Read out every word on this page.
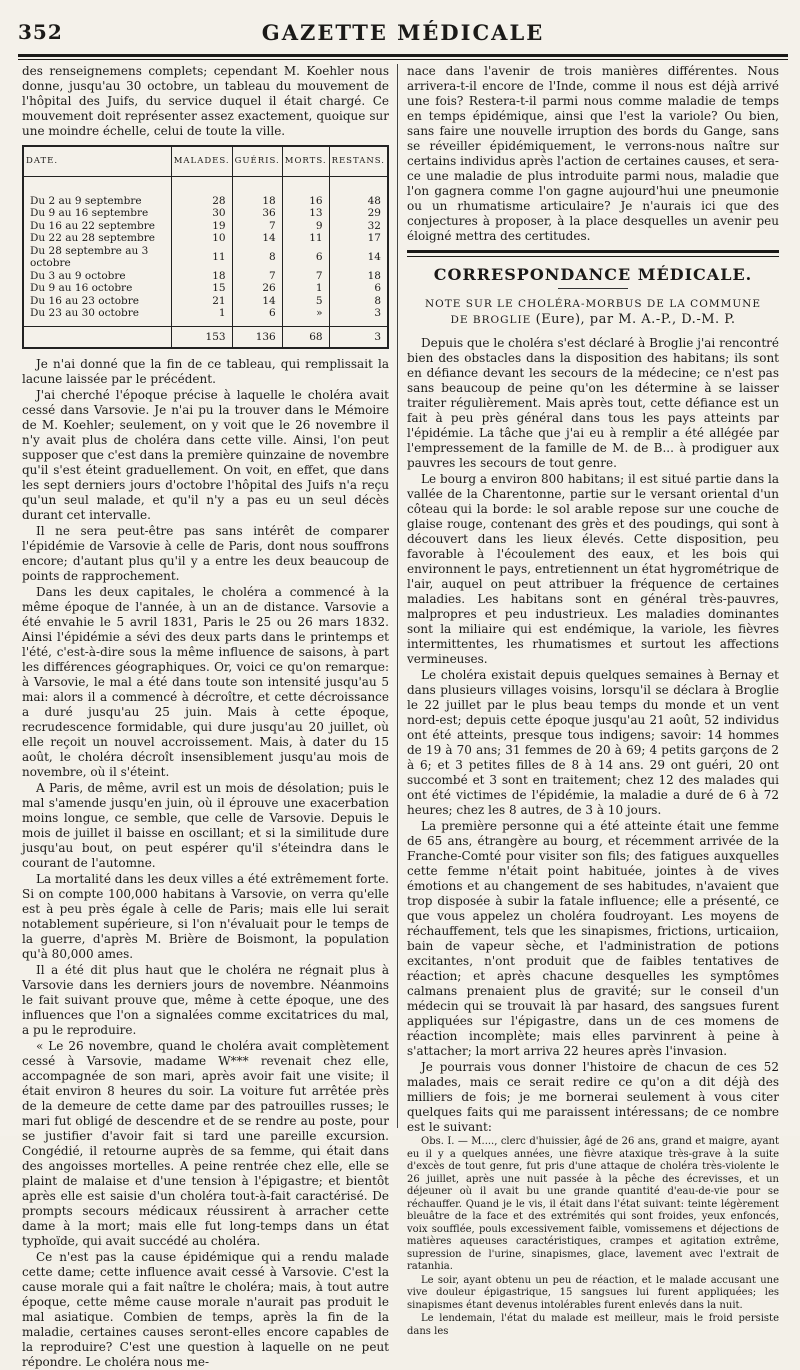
352	GAZETTE MÉDICALE

des renseignemens complets; cependant M. Koehler nous donne, jusqu'au 30 octobre, un tableau du mouvement de l'hôpital des Juifs, du service duquel il était chargé. Ce mouvement doit représenter assez exactement, quoique sur une moindre échelle, celui de toute la ville.

DATE.	MALADES.	GUÉRIS.	MORTS.	RESTANS.
Du 2 au 9 septembre	28	18	16	48
Du 9 au 16 septembre	30	36	13	29
Du 16 au 22 septembre	19	7	9	32
Du 22 au 28 septembre	10	14	11	17
Du 28 septembre au 3 octobre	11	8	6	14
Du 3 au 9 octobre	18	7	7	18
Du 9 au 16 octobre	15	26	1	6
Du 16 au 23 octobre	21	14	5	8
Du 23 au 30 octobre	1	6	»	3
	153	136	68	3

Je n'ai donné que la fin de ce tableau, qui remplissait la lacune laissée par le précédent.

J'ai cherché l'époque précise à laquelle le choléra avait cessé dans Varsovie. Je n'ai pu la trouver dans le Mémoire de M. Koehler; seulement, on y voit que le 26 novembre il n'y avait plus de choléra dans cette ville. Ainsi, l'on peut supposer que c'est dans la première quinzaine de novembre qu'il s'est éteint graduellement. On voit, en effet, que dans les sept derniers jours d'octobre l'hôpital des Juifs n'a reçu qu'un seul malade, et qu'il n'y a pas eu un seul décès durant cet intervalle.

Il ne sera peut-être pas sans intérêt de comparer l'épidémie de Varsovie à celle de Paris, dont nous souffrons encore; d'autant plus qu'il y a entre les deux beaucoup de points de rapprochement.

Dans les deux capitales, le choléra a commencé à la même époque de l'année, à un an de distance. Varsovie a été envahie le 5 avril 1831, Paris le 25 ou 26 mars 1832. Ainsi l'épidémie a sévi des deux parts dans le printemps et l'été, c'est-à-dire sous la même influence de saisons, à part les différences géographiques. Or, voici ce qu'on remarque: à Varsovie, le mal a été dans toute son intensité jusqu'au 5 mai: alors il a commencé à décroître, et cette décroissance a duré jusqu'au 25 juin. Mais à cette époque, recrudescence formidable, qui dure jusqu'au 20 juillet, où elle reçoit un nouvel accroissement. Mais, à dater du 15 août, le choléra décroît insensiblement jusqu'au mois de novembre, où il s'éteint.

A Paris, de même, avril est un mois de désolation; puis le mal s'amende jusqu'en juin, où il éprouve une exacerbation moins longue, ce semble, que celle de Varsovie. Depuis le mois de juillet il baisse en oscillant; et si la similitude dure jusqu'au bout, on peut espérer qu'il s'éteindra dans le courant de l'automne.

La mortalité dans les deux villes a été extrêmement forte. Si on compte 100,000 habitans à Varsovie, on verra qu'elle est à peu près égale à celle de Paris; mais elle lui serait notablement supérieure, si l'on n'évaluait pour le temps de la guerre, d'après M. Brière de Boismont, la population qu'à 80,000 ames.

Il a été dit plus haut que le choléra ne régnait plus à Varsovie dans les derniers jours de novembre. Néanmoins le fait suivant prouve que, même à cette époque, une des influences que l'on a signalées comme excitatrices du mal, a pu le reproduire.

« Le 26 novembre, quand le choléra avait complètement cessé à Varsovie, madame W*** revenait chez elle, accompagnée de son mari, après avoir fait une visite; il était environ 8 heures du soir. La voiture fut arrêtée près de la demeure de cette dame par des patrouilles russes; le mari fut obligé de descendre et de se rendre au poste, pour se justifier d'avoir fait si tard une pareille excursion. Congédié, il retourne auprès de sa femme, qui était dans des angoisses mortelles. A peine rentrée chez elle, elle se plaint de malaise et d'une tension à l'épigastre; et bientôt après elle est saisie d'un choléra tout-à-fait caractérisé. De prompts secours médicaux réussirent à arracher cette dame à la mort; mais elle fut long-temps dans un état typhoïde, qui avait succédé au choléra.

Ce n'est pas la cause épidémique qui a rendu malade cette dame; cette influence avait cessé à Varsovie. C'est la cause morale qui a fait naître le choléra; mais, à tout autre époque, cette même cause morale n'aurait pas produit le mal asiatique. Combien de temps, après la fin de la maladie, certaines causes seront-elles encore capables de la reproduire? C'est une question à laquelle on ne peut répondre. Le choléra nous me-

nace dans l'avenir de trois manières différentes. Nous arrivera-t-il encore de l'Inde, comme il nous est déjà arrivé une fois? Restera-t-il parmi nous comme maladie de temps en temps épidémique, ainsi que l'est la variole? Ou bien, sans faire une nouvelle irruption des bords du Gange, sans se réveiller épidémiquement, le verrons-nous naître sur certains individus après l'action de certaines causes, et sera-ce une maladie de plus introduite parmi nous, maladie que l'on gagnera comme l'on gagne aujourd'hui une pneumonie ou un rhumatisme articulaire? Je n'aurais ici que des conjectures à proposer, à la place desquelles un avenir peu éloigné mettra des certitudes.

CORRESPONDANCE MÉDICALE.
NOTE SUR LE CHOLÉRA-MORBUS DE LA COMMUNE DE BROGLIE (Eure), par M. A.-P., D.-M. P.

Depuis que le choléra s'est déclaré à Broglie j'ai rencontré bien des obstacles dans la disposition des habitans; ils sont en défiance devant les secours de la médecine; ce n'est pas sans beaucoup de peine qu'on les détermine à se laisser traiter régulièrement. Mais après tout, cette défiance est un fait à peu près général dans tous les pays atteints par l'épidémie. La tâche que j'ai eu à remplir a été allégée par l'empressement de la famille de M. de B... à prodiguer aux pauvres les secours de tout genre.

Le bourg a environ 800 habitans; il est situé partie dans la vallée de la Charentonne, partie sur le versant oriental d'un côteau qui la borde: le sol arable repose sur une couche de glaise rouge, contenant des grès et des poudings, qui sont à découvert dans les lieux élevés. Cette disposition, peu favorable à l'écoulement des eaux, et les bois qui environnent le pays, entretiennent un état hygrométrique de l'air, auquel on peut attribuer la fréquence de certaines maladies. Les habitans sont en général très-pauvres, malpropres et peu industrieux. Les maladies dominantes sont la miliaire qui est endémique, la variole, les fièvres intermittentes, les rhumatismes et surtout les affections vermineuses.

Le choléra existait depuis quelques semaines à Bernay et dans plusieurs villages voisins, lorsqu'il se déclara à Broglie le 22 juillet par le plus beau temps du monde et un vent nord-est; depuis cette époque jusqu'au 21 août, 52 individus ont été atteints, presque tous indigens; savoir: 14 hommes de 19 à 70 ans; 31 femmes de 20 à 69; 4 petits garçons de 2 à 6; et 3 petites filles de 8 à 14 ans. 29 ont guéri, 20 ont succombé et 3 sont en traitement; chez 12 des malades qui ont été victimes de l'épidémie, la maladie a duré de 6 à 72 heures; chez les 8 autres, de 3 à 10 jours.

La première personne qui a été atteinte était une femme de 65 ans, étrangère au bourg, et récemment arrivée de la Franche-Comté pour visiter son fils; des fatigues auxquelles cette femme n'était point habituée, jointes à de vives émotions et au changement de ses habitudes, n'avaient que trop disposée à subir la fatale influence; elle a présenté, ce que vous appelez un choléra foudroyant. Les moyens de réchauffement, tels que les sinapismes, frictions, urticaiion, bain de vapeur sèche, et l'administration de potions excitantes, n'ont produit que de faibles tentatives de réaction; et après chacune desquelles les symptômes calmans prenaient plus de gravité; sur le conseil d'un médecin qui se trouvait là par hasard, des sangsues furent appliquées sur l'épigastre, dans un de ces momens de réaction incomplète; mais elles parvinrent à peine à s'attacher; la mort arriva 22 heures après l'invasion.

Je pourrais vous donner l'histoire de chacun de ces 52 malades, mais ce serait redire ce qu'on a dit déjà des milliers de fois; je me bornerai seulement à vous citer quelques faits qui me paraissent intéressans; de ce nombre est le suivant:

Obs. I. — M...., clerc d'huissier, âgé de 26 ans, grand et maigre, ayant eu il y a quelques années, une fièvre ataxique très-grave à la suite d'excès de tout genre, fut pris d'une attaque de choléra très-violente le 26 juillet, après une nuit passée à la pêche des écrevisses, et un déjeuner où il avait bu une grande quantité d'eau-de-vie pour se réchauffer. Quand je le vis, il était dans l'état suivant: teinte légèrement bleuâtre de la face et des extrémités qui sont froides, yeux enfoncés, voix soufflée, pouls excessivement faible, vomissemens et déjections de matières aqueuses caractéristiques, crampes et agitation extrême, supression de l'urine, sinapismes, glace, lavement avec l'extrait de ratanhia.

Le soir, ayant obtenu un peu de réaction, et le malade accusant une vive douleur épigastrique, 15 sangsues lui furent appliquées; les sinapismes étant devenus intolérables furent enlevés dans la nuit.

Le lendemain, l'état du malade est meilleur, mais le froid persiste dans les
